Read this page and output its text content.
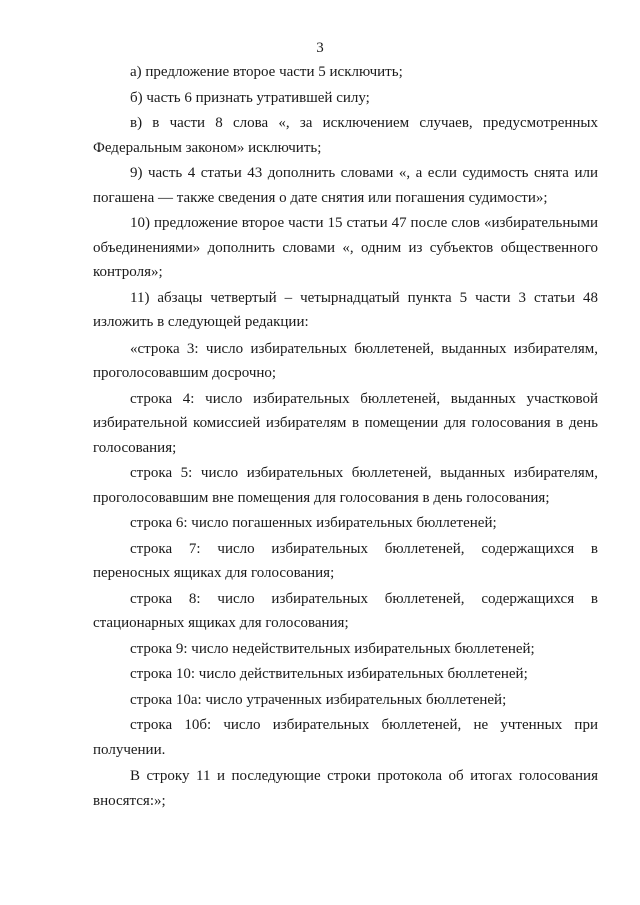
3

а) предложение второе части 5 исключить;

б) часть 6 признать утратившей силу;

в) в части 8 слова «, за исключением случаев, предусмотренных Федеральным законом» исключить;

9) часть 4 статьи 43 дополнить словами «, а если судимость снята или погашена — также сведения о дате снятия или погашения судимости»;

10) предложение второе части 15 статьи 47 после слов «избирательными объединениями» дополнить словами «, одним из субъектов общественного контроля»;

11) абзацы четвертый – четырнадцатый пункта 5 части 3 статьи 48 изложить в следующей редакции:

«строка 3: число избирательных бюллетеней, выданных избирателям, проголосовавшим досрочно;

строка 4: число избирательных бюллетеней, выданных участковой избирательной комиссией избирателям в помещении для голосования в день голосования;

строка 5: число избирательных бюллетеней, выданных избирателям, проголосовавшим вне помещения для голосования в день голосования;

строка 6: число погашенных избирательных бюллетеней;

строка 7: число избирательных бюллетеней, содержащихся в переносных ящиках для голосования;

строка 8: число избирательных бюллетеней, содержащихся в стационарных ящиках для голосования;

строка 9: число недействительных избирательных бюллетеней;

строка 10: число действительных избирательных бюллетеней;

строка 10а: число утраченных избирательных бюллетеней;

строка 10б: число избирательных бюллетеней, не учтенных при получении.

В строку 11 и последующие строки протокола об итогах голосования вносятся:»;
